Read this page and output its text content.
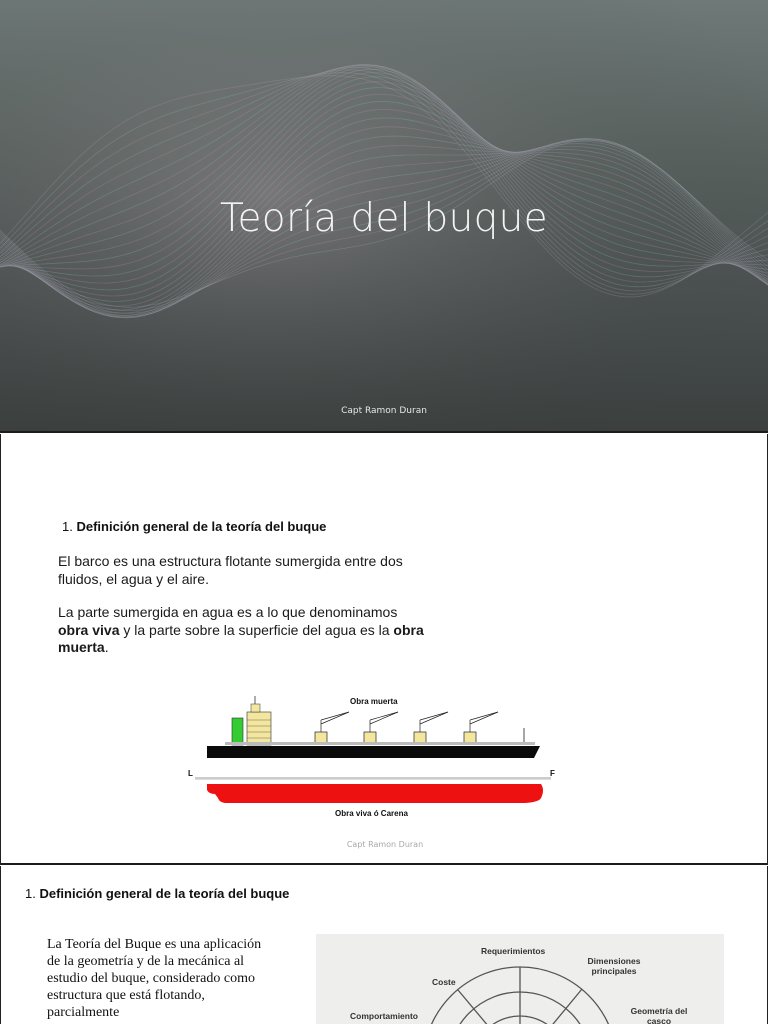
Teoría del buque
Capt Ramon Duran
1. Definición general de la teoría del buque
El barco es una estructura flotante sumergida entre dos fluidos, el agua y el aire.
La parte sumergida en agua es a lo que denominamos obra viva y la parte sobre la superficie del agua es la obra muerta.
Obra muerta
Obra viva ó Carena
L	F
Capt Ramon Duran
1. Definición general de la teoría del buque
La Teoría del Buque es una aplicación de la geometría y de la mecánica al estudio del buque, considerado como estructura que está flotando, parcialmente
Requerimientos
Dimensiones principales
Coste
Geometría del casco
Comportamiento
